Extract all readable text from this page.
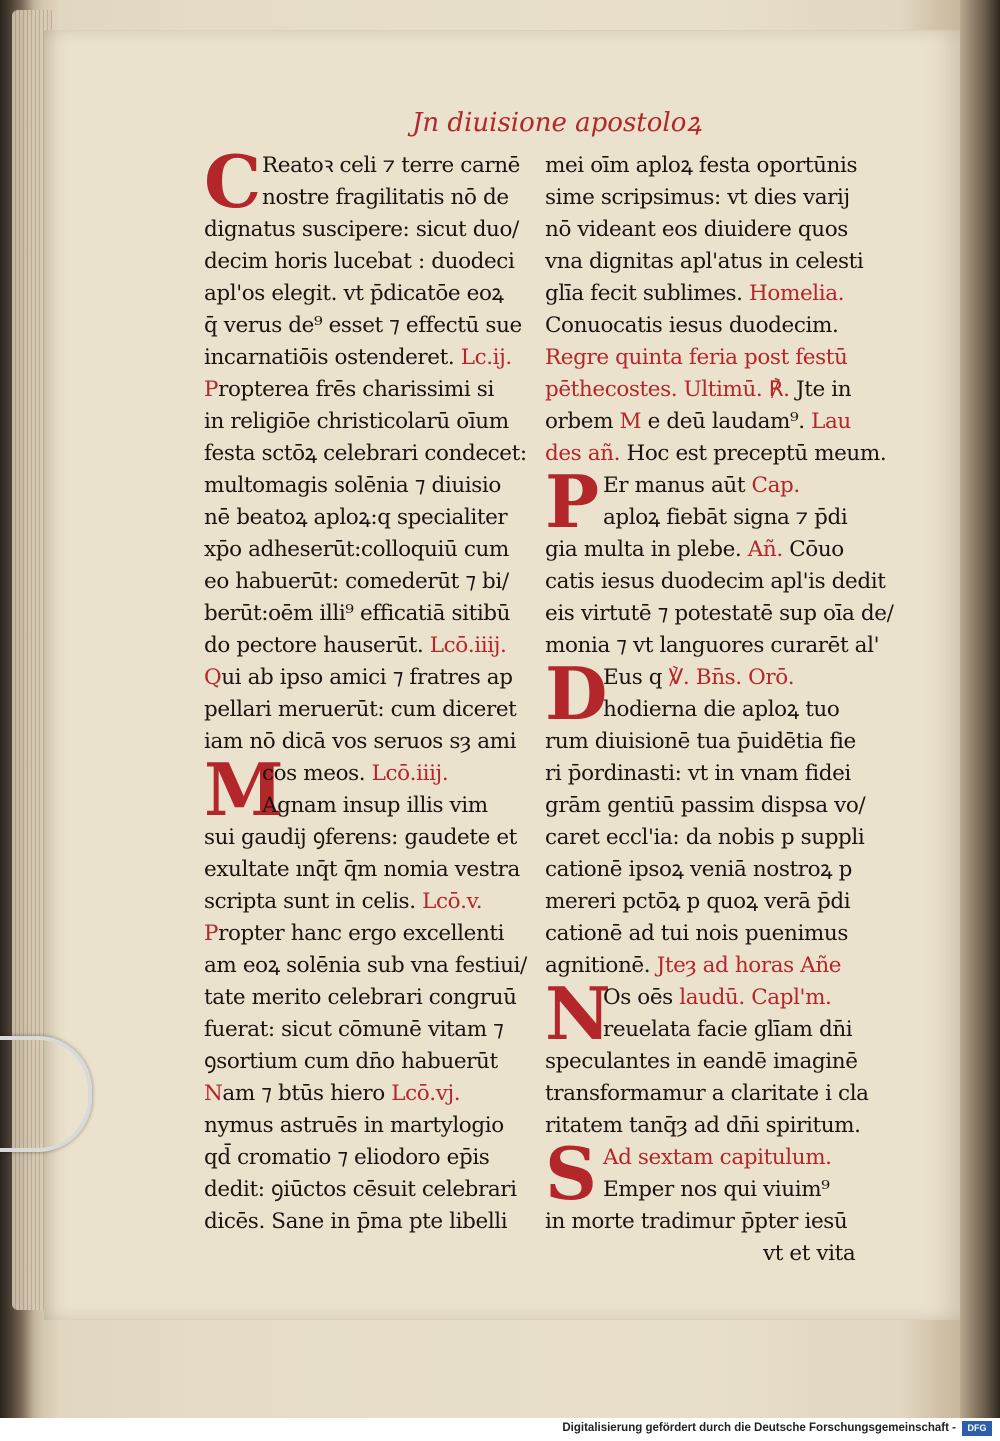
Jn diuisione apostoloꝝ
C Reatoꝛ celi ⁊ terre carnē
nostre fragilitatis nō de
dignatus suscipere: sicut duo/
decim horis lucebat : duodeci
apl'os elegit. vt p̄dicatōe eoꝝ
q̄ verus de⁹ esset ⁊ effectū sue
incarnatiōis ostenderet. Lc.ij.
Propterea frēs charissimi si
in religiōe christicolarū oīum
festa sctōꝝ celebrari condecet:
multomagis solēnia ⁊ diuisio
nē beatoꝝ aploꝝ:q specialiter
xp̄o adheserūt:colloquiū cum
eo habuerūt: comederūt ⁊ bi/
berūt:oēm illi⁹ efficatiā sitibū
do pectore hauserūt. Lcō.iiij.
Qui ab ipso amici ⁊ fratres ap
pellari meruerūt: cum diceret
iam nō dicā vos seruos sȝ ami
M
cos meos. Lcō.iiij.
Agnam insup illis vim
sui gaudij ꝯferens: gaudete et
exultate ınq̄t q̄m nomia vestra
scripta sunt in celis. Lcō.v.
Propter hanc ergo excellenti
am eoꝝ solēnia sub vna festiui/
tate merito celebrari congruū
fuerat: sicut cōmunē vitam ⁊
ꝯsortium cum dn̄o habuerūt
Nam ⁊ btūs hiero Lcō.vj.
nymus astruēs in martylogio
qd̄ cromatio ⁊ eliodoro ep̄is
dedit: ꝯiūctos cēsuit celebrari
dicēs. Sane in p̄ma pte libelli
mei oīm aploꝝ festa oportūnis
sime scripsimus: vt dies varij
nō videant eos diuidere quos
vna dignitas apl'atus in celesti
glīa fecit sublimes. Homelia.
Conuocatis iesus duodecim.
Regre quinta feria post festū
pēthecostes. Ultimū. ℟. Jte in
orbem M e deū laudam⁹. Lau
des añ. Hoc est preceptū meum.
P Er manus aūt Cap.
aploꝝ fiebāt signa ⁊ p̄di
gia multa in plebe. Añ. Cōuo
catis iesus duodecim apl'is dedit
eis virtutē ⁊ potestatē sup oīa de/
monia ⁊ vt languores curarēt al'
D
Eus q ℣. Bn̄s. Orō.
hodierna die aploꝝ tuo
rum diuisionē tua p̄uidētia fie
ri p̄ordinasti: vt in vnam fidei
grām gentiū passim dispsa vo/
caret eccl'ia: da nobis p suppli
cationē ipsoꝝ veniā nostroꝝ p
mereri pctōꝝ p quoꝝ verā p̄di
cationē ad tui nois puenimus
agnitionē. Jteȝ ad horas Añe
N
Os oēs laudū. Capl'm.
reuelata facie glīam dn̄i
speculantes in eandē imaginē
transformamur a claritate i cla
ritatem tanq̄ȝ ad dn̄i spiritum.
S Ad sextam capitulum.
Emper nos qui viuim⁹
in morte tradimur p̄pter iesū
vt et vita
Digitalisierung gefördert durch die Deutsche Forschungsgemeinschaft -	DFG
